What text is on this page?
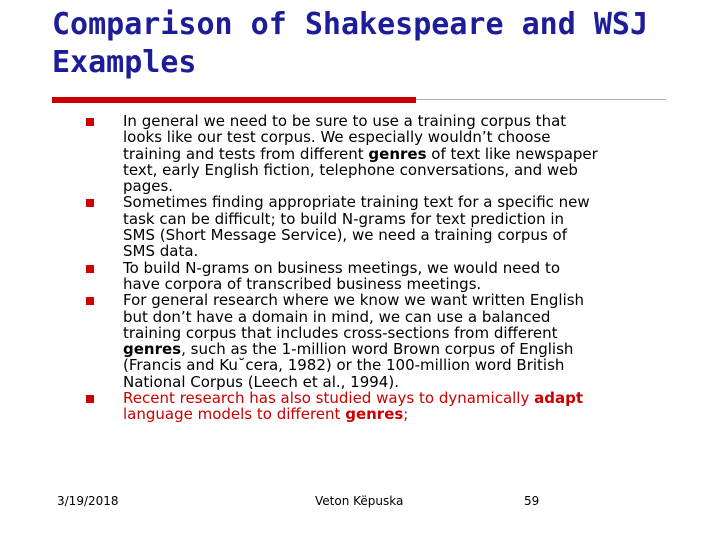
Comparison of Shakespeare and WSJ Examples
In general we need to be sure to use a training corpus that
looks like our test corpus. We especially wouldn’t choose
training and tests from different genres of text like newspaper
text, early English fiction, telephone conversations, and web
pages.
Sometimes finding appropriate training text for a specific new
task can be difficult; to build N-grams for text prediction in
SMS (Short Message Service), we need a training corpus of
SMS data.
To build N-grams on business meetings, we would need to
have corpora of transcribed business meetings.
For general research where we know we want written English
but don’t have a domain in mind, we can use a balanced
training corpus that includes cross-sections from different
genres, such as the 1-million word Brown corpus of English
(Francis and Ku˘cera, 1982) or the 100-million word British
National Corpus (Leech et al., 1994).
Recent research has also studied ways to dynamically adapt
language models to different genres;
3/19/2018	Veton Këpuska	59
